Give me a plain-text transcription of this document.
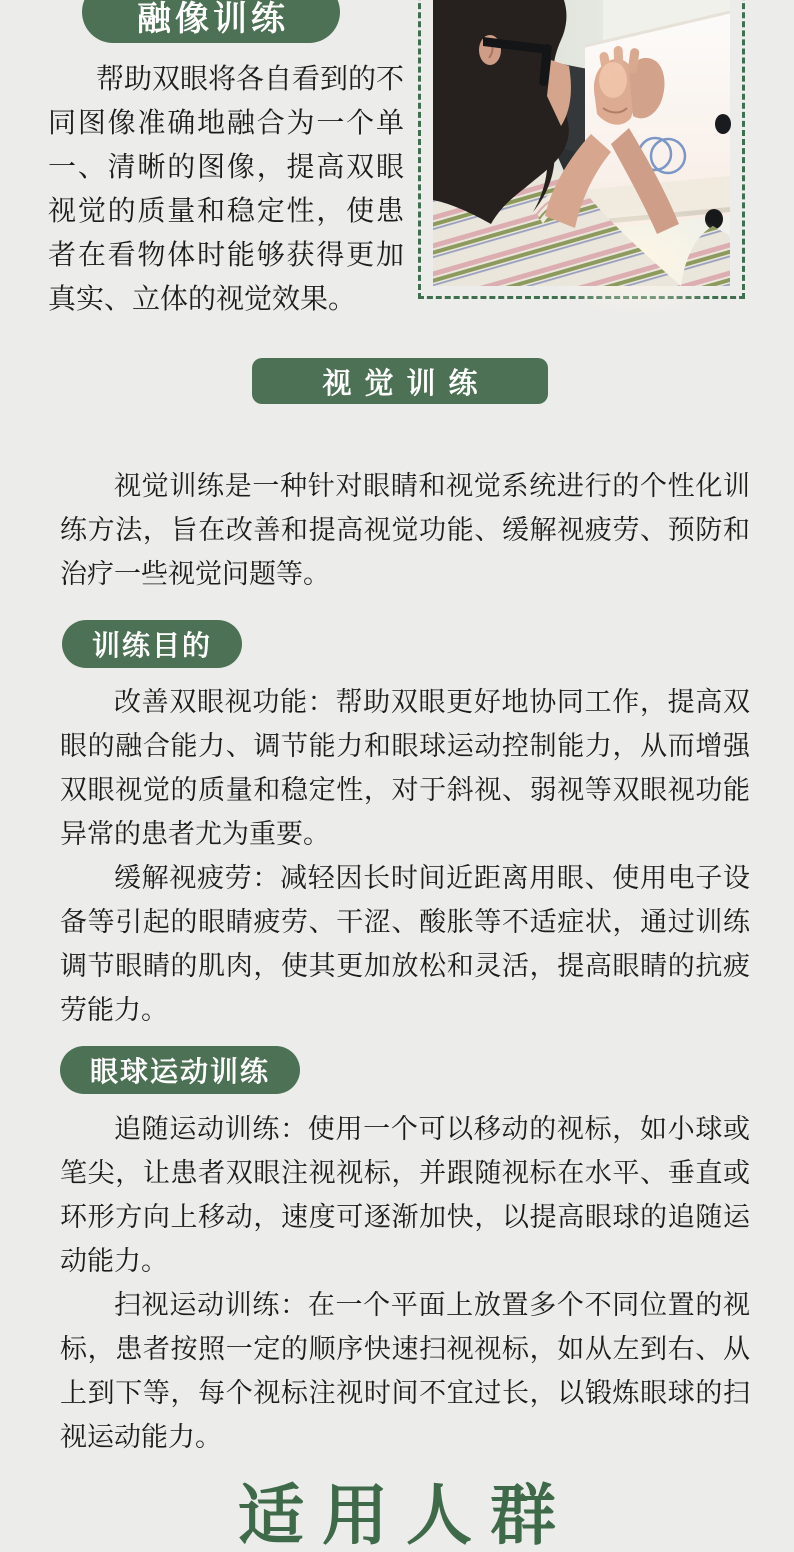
融像训练
帮助双眼将各自看到的不同图像准确地融合为一个单一、清晰的图像，提高双眼视觉的质量和稳定性，使患者在看物体时能够获得更加真实、立体的视觉效果。
视觉训练

视觉训练是一种针对眼睛和视觉系统进行的个性化训练方法，旨在改善和提高视觉功能、缓解视疲劳、预防和治疗一些视觉问题等。

训练目的

改善双眼视功能：帮助双眼更好地协同工作，提高双眼的融合能力、调节能力和眼球运动控制能力，从而增强双眼视觉的质量和稳定性，对于斜视、弱视等双眼视功能异常的患者尤为重要。

缓解视疲劳：减轻因长时间近距离用眼、使用电子设备等引起的眼睛疲劳、干涩、酸胀等不适症状，通过训练调节眼睛的肌肉，使其更加放松和灵活，提高眼睛的抗疲劳能力。

眼球运动训练

追随运动训练：使用一个可以移动的视标，如小球或笔尖，让患者双眼注视视标，并跟随视标在水平、垂直或环形方向上移动，速度可逐渐加快，以提高眼球的追随运动能力。

扫视运动训练：在一个平面上放置多个不同位置的视标，患者按照一定的顺序快速扫视视标，如从左到右、从上到下等，每个视标注视时间不宜过长，以锻炼眼球的扫视运动能力。

适用人群
